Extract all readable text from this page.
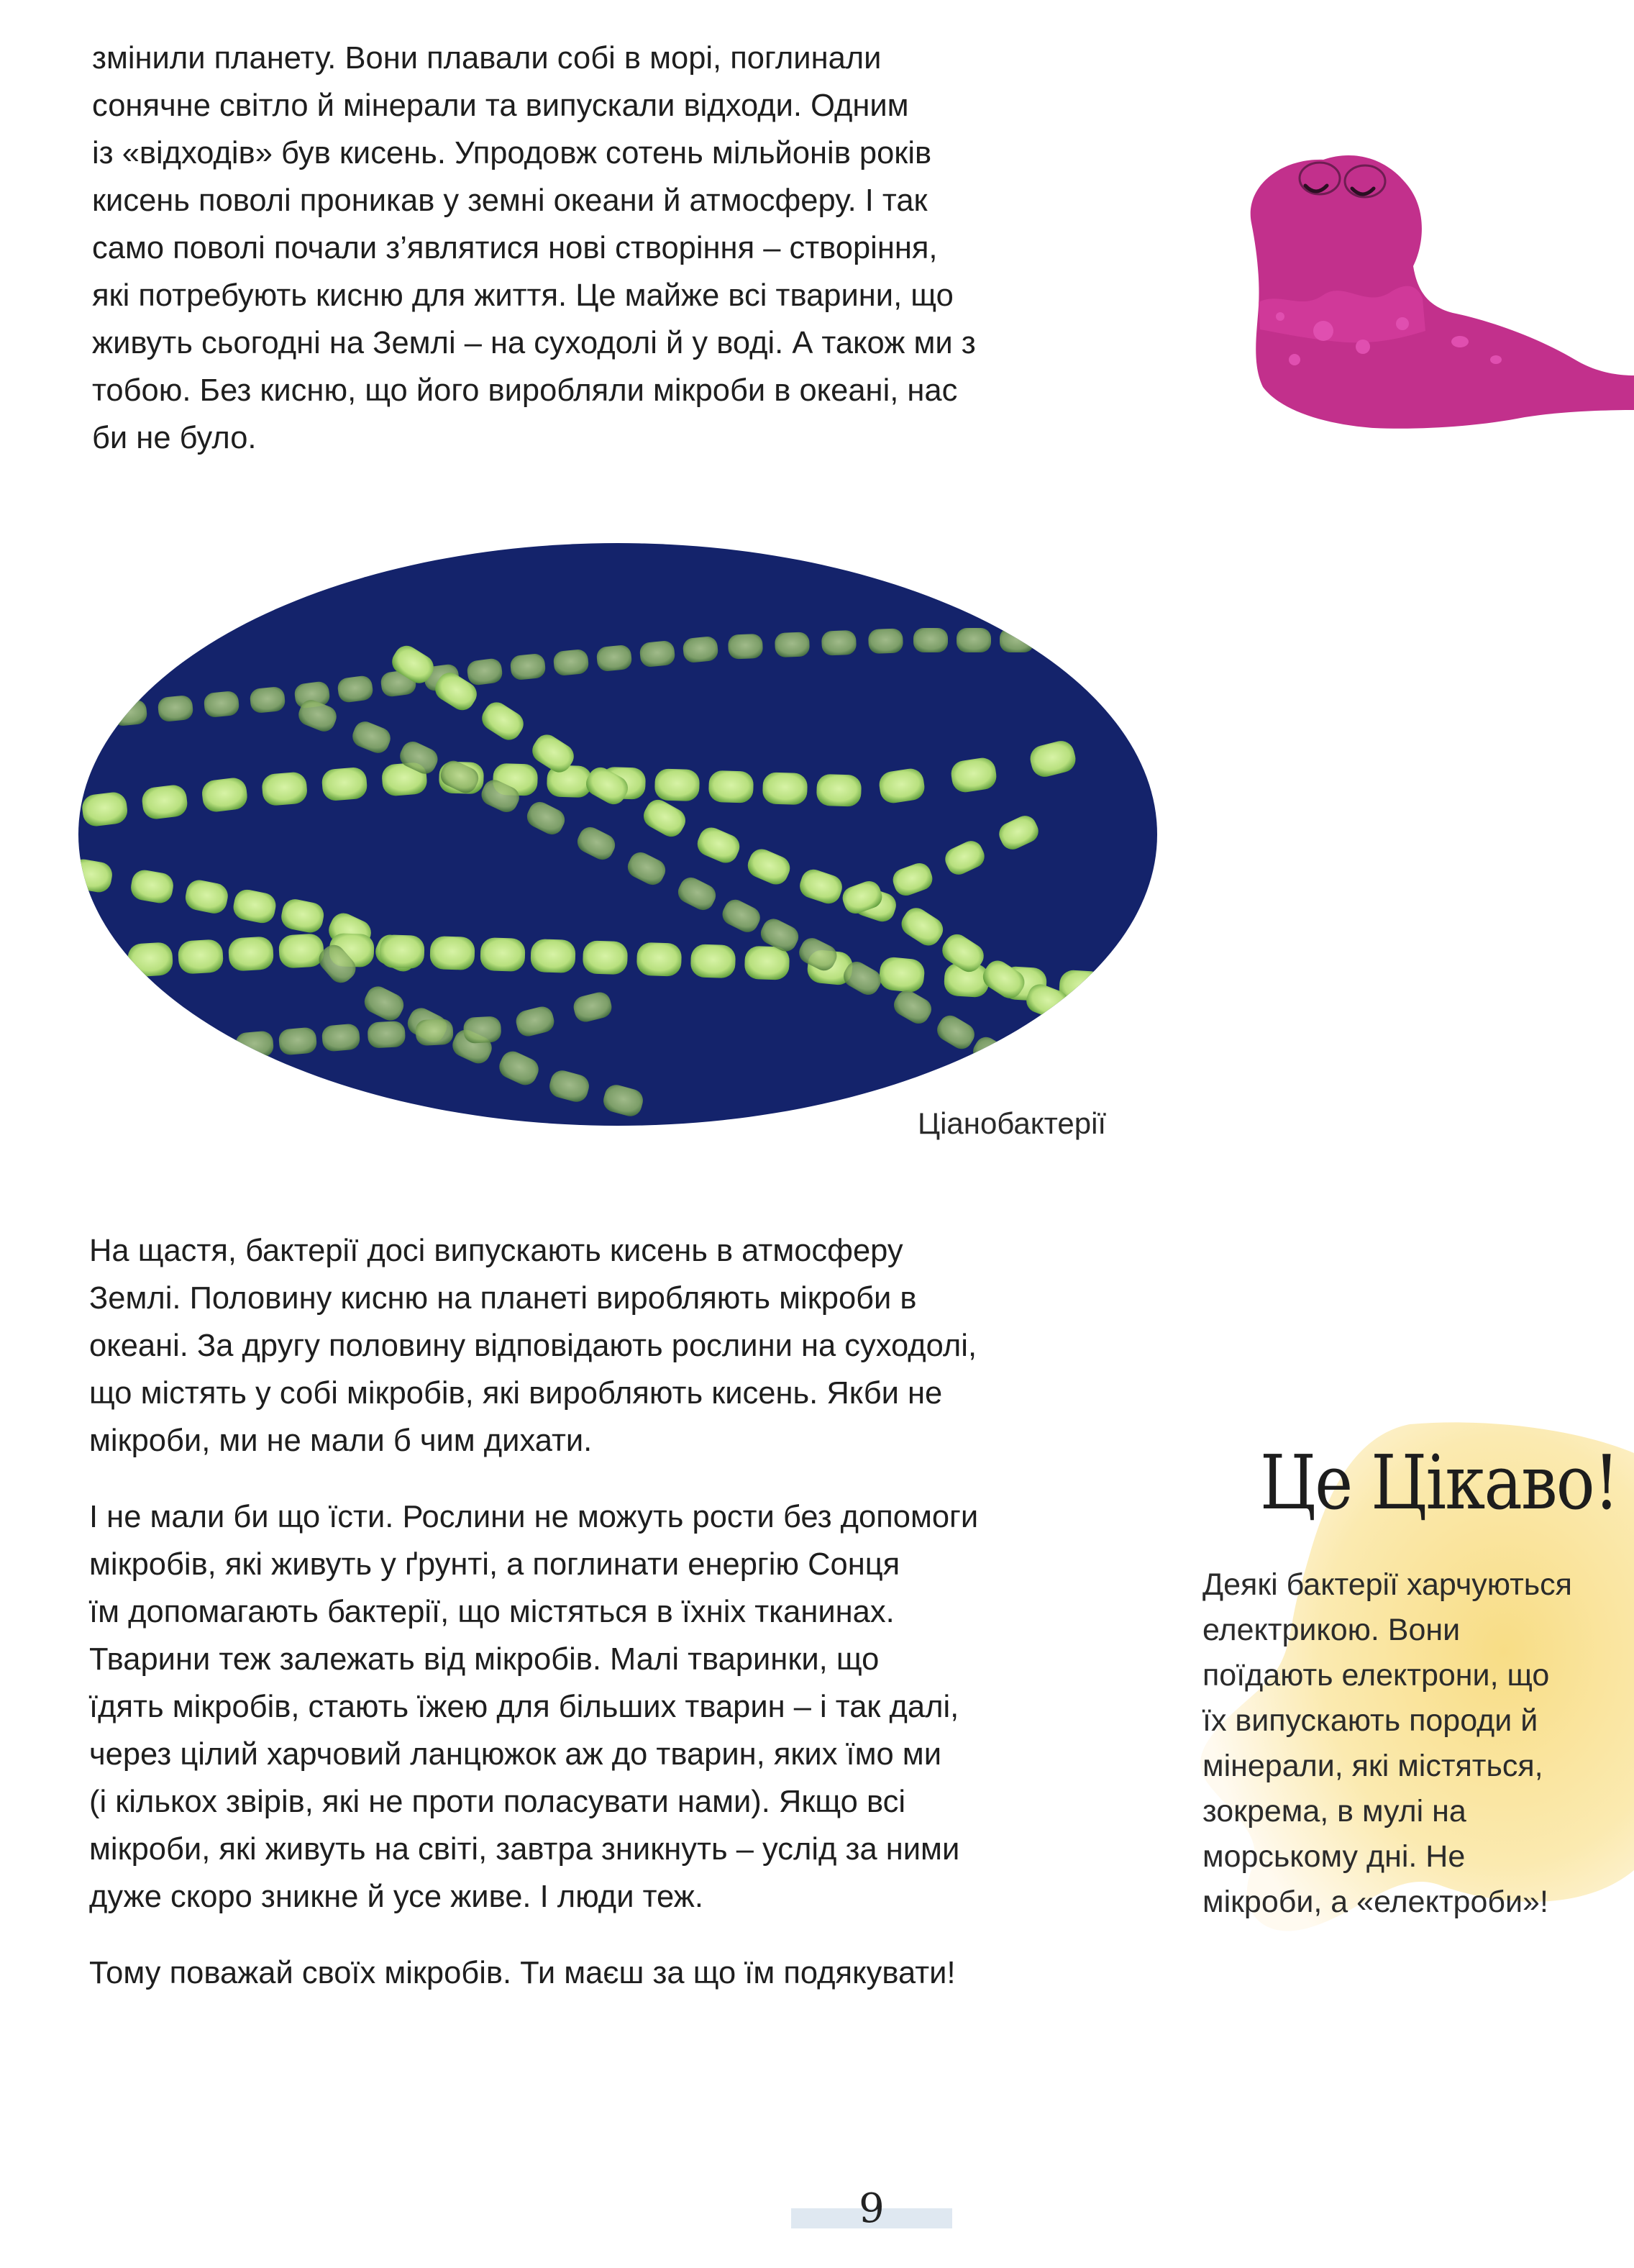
змінили планету. Вони плавали собі в морі, поглинали
сонячне світло й мінерали та випускали відходи. Одним
із «відходів» був кисень. Упродовж сотень мільйонів років
кисень поволі проникав у земні океани й атмосферу. І так
само поволі почали з’являтися нові створіння – створіння,
які потребують кисню для життя. Це майже всі тварини, що
живуть сьогодні на Землі – на суходолі й у воді. А також ми з
тобою. Без кисню, що його виробляли мікроби в океані, нас
би не було.

Ціанобактерії

На щастя, бактерії досі випускають кисень в атмосферу
Землі. Половину кисню на планеті виробляють мікроби в
океані. За другу половину відповідають рослини на суходолі,
що містять у собі мікробів, які виробляють кисень. Якби не
мікроби, ми не мали б чим дихати.

І не мали би що їсти. Рослини не можуть рости без допомоги
мікробів, які живуть у ґрунті, а поглинати енергію Сонця
їм допомагають бактерії, що містяться в їхніх тканинах.
Тварини теж залежать від мікробів. Малі тваринки, що
їдять мікробів, стають їжею для більших тварин – і так далі,
через цілий харчовий ланцюжок аж до тварин, яких їмо ми
(і кількох звірів, які не проти поласувати нами). Якщо всі
мікроби, які живуть на світі, завтра зникнуть – услід за ними
дуже скоро зникне й усе живе. І люди теж.

Тому поважай своїх мікробів. Ти маєш за що їм подякувати!

Це Цікаво!

Деякі бактерії харчуються
електрикою. Вони
поїдають електрони, що
їх випускають породи й
мінерали, які містяться,
зокрема, в мулі на
морському дні. Не
мікроби, а «електроби»!

9
